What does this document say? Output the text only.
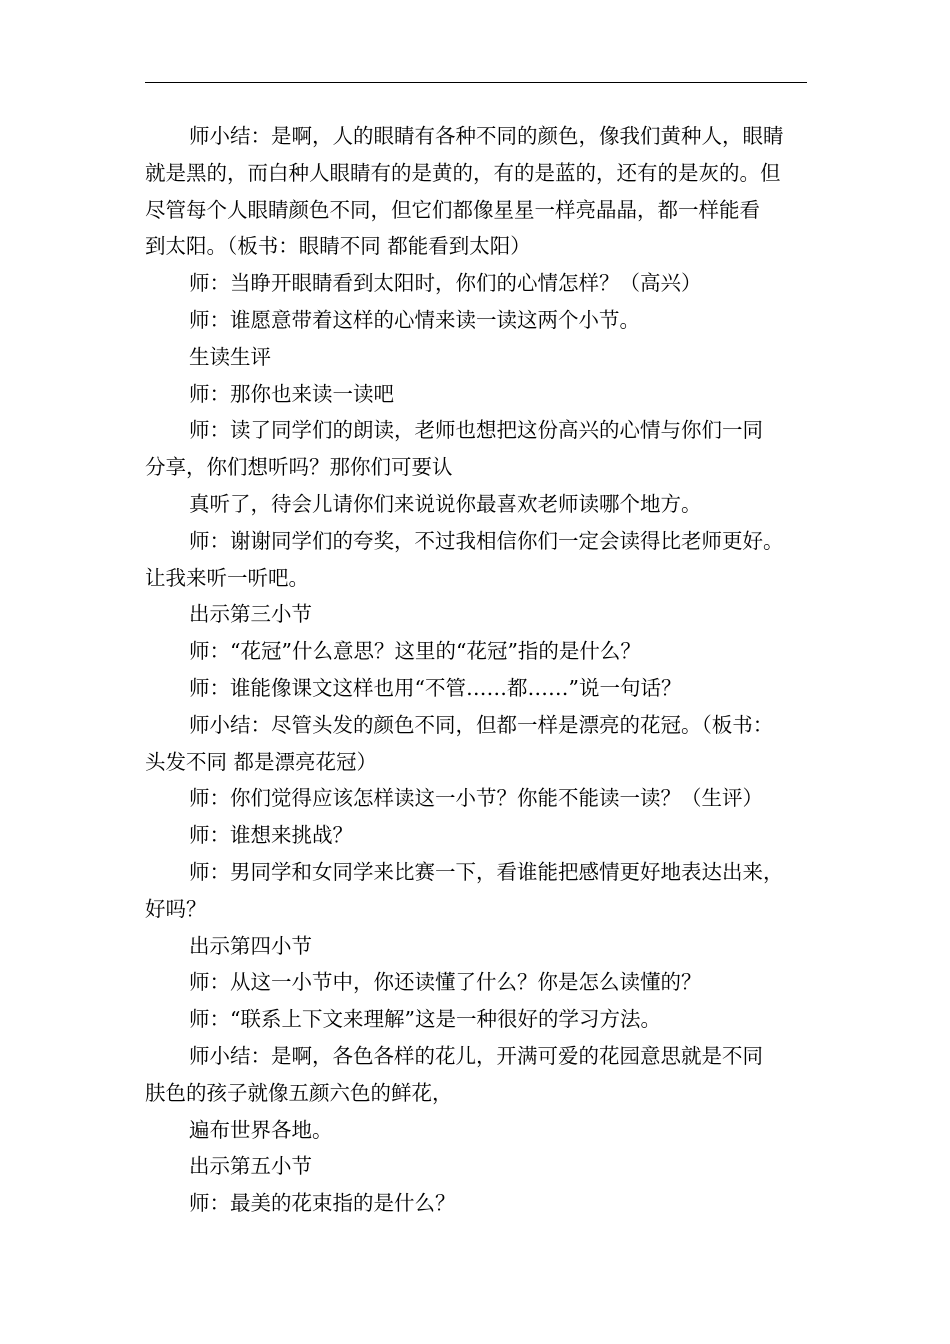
师小结：是啊，人的眼睛有各种不同的颜色，像我们黄种人，眼睛
就是黑的，而白种人眼睛有的是黄的，有的是蓝的，还有的是灰的。但
尽管每个人眼睛颜色不同，但它们都像星星一样亮晶晶，都一样能看
到太阳。（板书：眼睛不同 都能看到太阳）
师：当睁开眼睛看到太阳时，你们的心情怎样？（高兴）
师：谁愿意带着这样的心情来读一读这两个小节。
生读生评
师：那你也来读一读吧
师：读了同学们的朗读，老师也想把这份高兴的心情与你们一同
分享，你们想听吗？那你们可要认
真听了，待会儿请你们来说说你最喜欢老师读哪个地方。
师：谢谢同学们的夸奖，不过我相信你们一定会读得比老师更好。
让我来听一听吧。
出示第三小节
师：“花冠”什么意思？这里的“花冠”指的是什么？
师：谁能像课文这样也用“不管……都……”说一句话？
师小结：尽管头发的颜色不同，但都一样是漂亮的花冠。（板书：
头发不同 都是漂亮花冠）
师：你们觉得应该怎样读这一小节？你能不能读一读？（生评）
师：谁想来挑战？
师：男同学和女同学来比赛一下，看谁能把感情更好地表达出来，
好吗？
出示第四小节
师：从这一小节中，你还读懂了什么？你是怎么读懂的？
师：“联系上下文来理解”这是一种很好的学习方法。
师小结：是啊，各色各样的花儿，开满可爱的花园意思就是不同
肤色的孩子就像五颜六色的鲜花，
遍布世界各地。
出示第五小节
师：最美的花束指的是什么？
